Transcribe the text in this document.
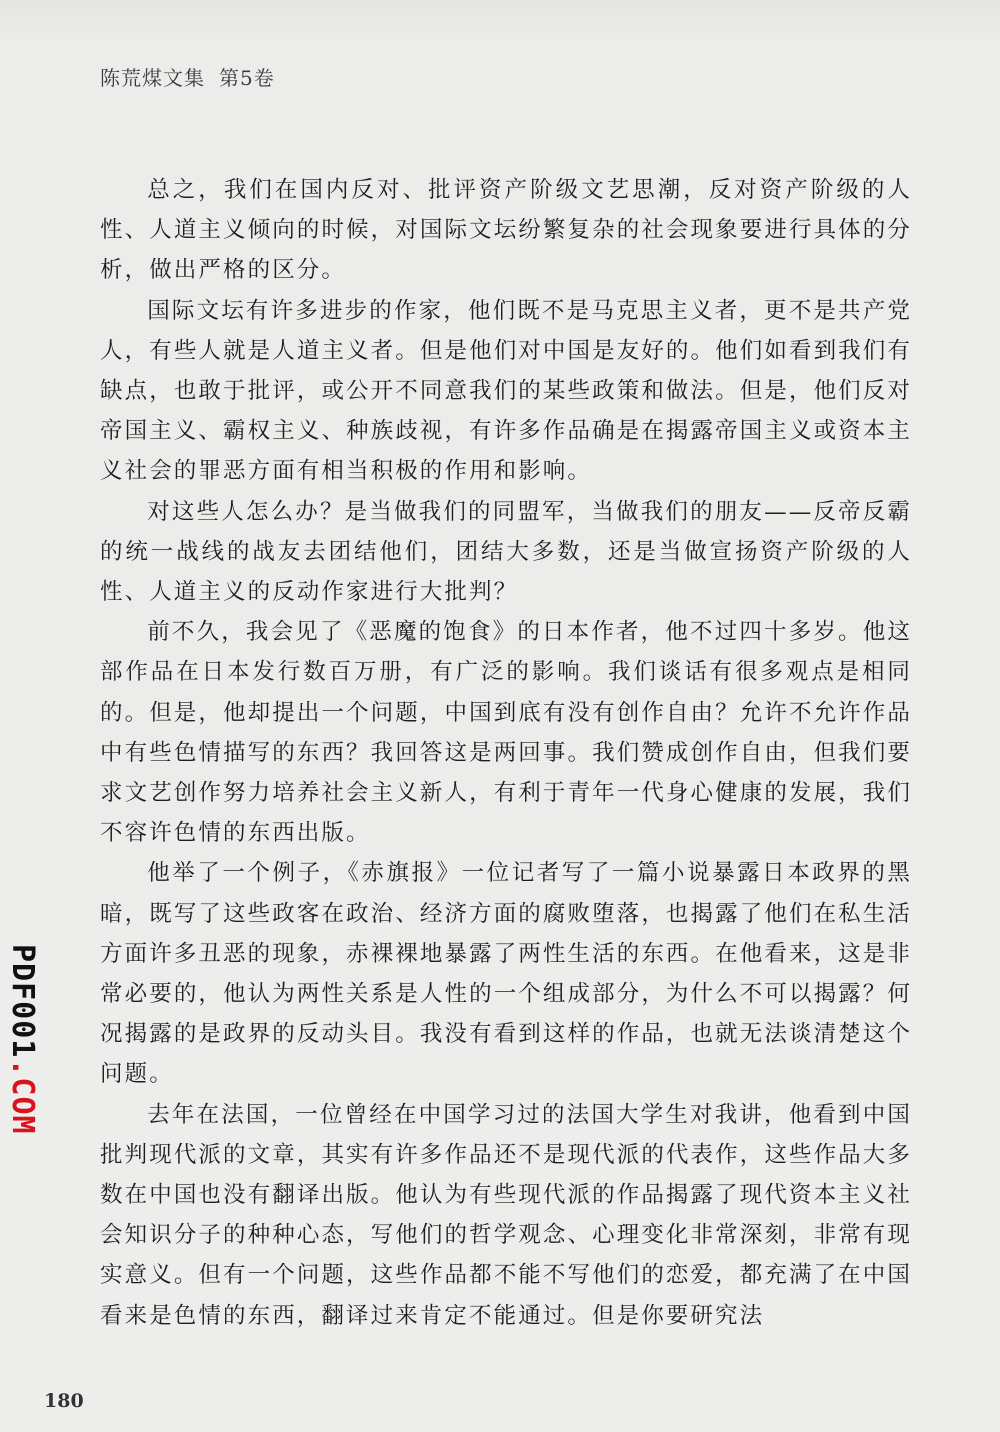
陈荒煤文集 第5卷

总之，我们在国内反对、批评资产阶级文艺思潮，反对资产阶级的人性、人道主义倾向的时候，对国际文坛纷繁复杂的社会现象要进行具体的分析，做出严格的区分。

国际文坛有许多进步的作家，他们既不是马克思主义者，更不是共产党人，有些人就是人道主义者。但是他们对中国是友好的。他们如看到我们有缺点，也敢于批评，或公开不同意我们的某些政策和做法。但是，他们反对帝国主义、霸权主义、种族歧视，有许多作品确是在揭露帝国主义或资本主义社会的罪恶方面有相当积极的作用和影响。

对这些人怎么办？是当做我们的同盟军，当做我们的朋友——反帝反霸的统一战线的战友去团结他们，团结大多数，还是当做宣扬资产阶级的人性、人道主义的反动作家进行大批判？

前不久，我会见了《恶魔的饱食》的日本作者，他不过四十多岁。他这部作品在日本发行数百万册，有广泛的影响。我们谈话有很多观点是相同的。但是，他却提出一个问题，中国到底有没有创作自由？允许不允许作品中有些色情描写的东西？我回答这是两回事。我们赞成创作自由，但我们要求文艺创作努力培养社会主义新人，有利于青年一代身心健康的发展，我们不容许色情的东西出版。

他举了一个例子，《赤旗报》一位记者写了一篇小说暴露日本政界的黑暗，既写了这些政客在政治、经济方面的腐败堕落，也揭露了他们在私生活方面许多丑恶的现象，赤裸裸地暴露了两性生活的东西。在他看来，这是非常必要的，他认为两性关系是人性的一个组成部分，为什么不可以揭露？何况揭露的是政界的反动头目。我没有看到这样的作品，也就无法谈清楚这个问题。

去年在法国，一位曾经在中国学习过的法国大学生对我讲，他看到中国批判现代派的文章，其实有许多作品还不是现代派的代表作，这些作品大多数在中国也没有翻译出版。他认为有些现代派的作品揭露了现代资本主义社会知识分子的种种心态，写他们的哲学观念、心理变化非常深刻，非常有现实意义。但有一个问题，这些作品都不能不写他们的恋爱，都充满了在中国看来是色情的东西，翻译过来肯定不能通过。但是你要研究法

PDF001.COM
180
